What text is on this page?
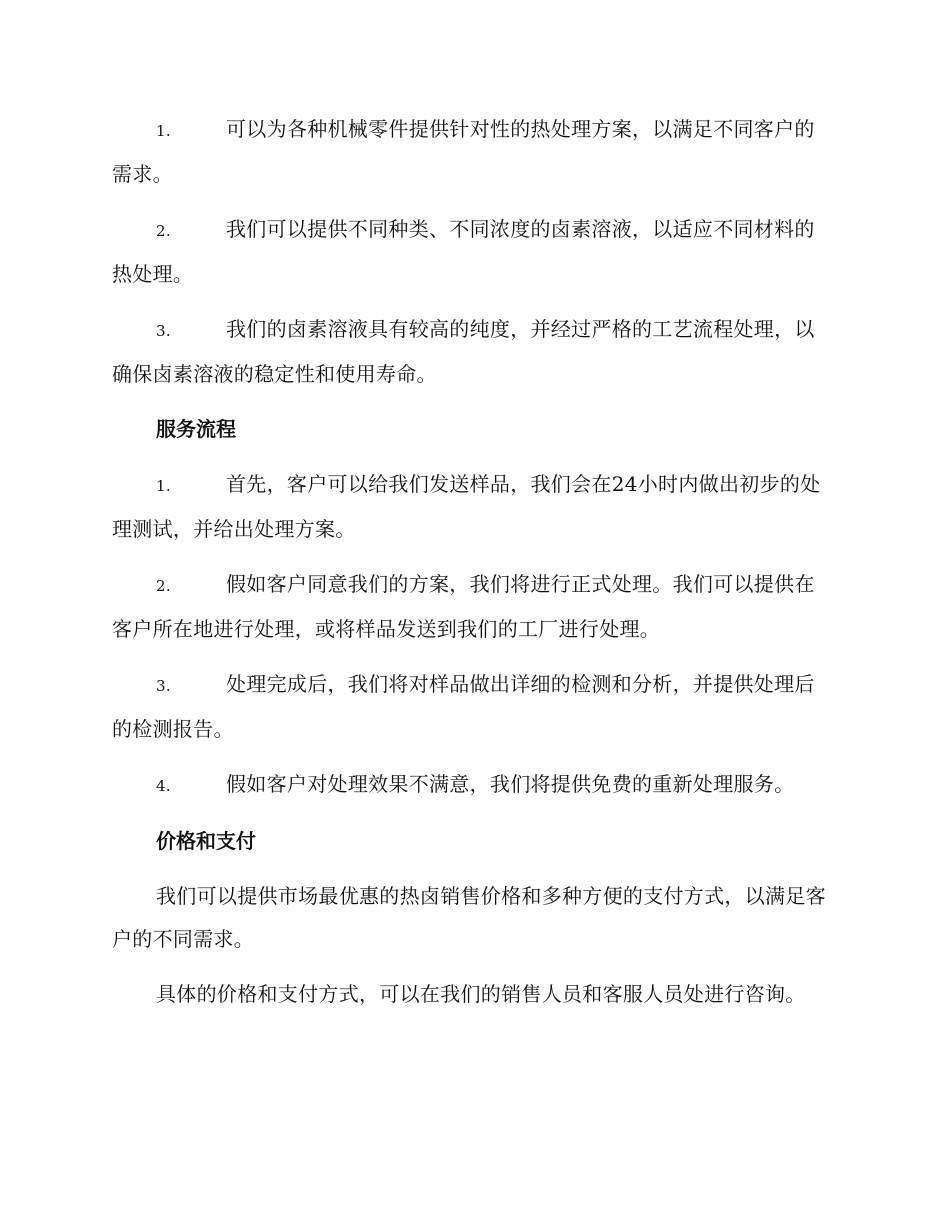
1.	可以为各种机械零件提供针对性的热处理方案，以满足不同客户的需求。

2.	我们可以提供不同种类、不同浓度的卤素溶液，以适应不同材料的热处理。

3.	我们的卤素溶液具有较高的纯度，并经过严格的工艺流程处理，以确保卤素溶液的稳定性和使用寿命。

服务流程

1.	首先，客户可以给我们发送样品，我们会在24小时内做出初步的处理测试，并给出处理方案。

2.	假如客户同意我们的方案，我们将进行正式处理。我们可以提供在客户所在地进行处理，或将样品发送到我们的工厂进行处理。

3.	处理完成后，我们将对样品做出详细的检测和分析，并提供处理后的检测报告。

4.	假如客户对处理效果不满意，我们将提供免费的重新处理服务。

价格和支付

我们可以提供市场最优惠的热卤销售价格和多种方便的支付方式，以满足客户的不同需求。

具体的价格和支付方式，可以在我们的销售人员和客服人员处进行咨询。
